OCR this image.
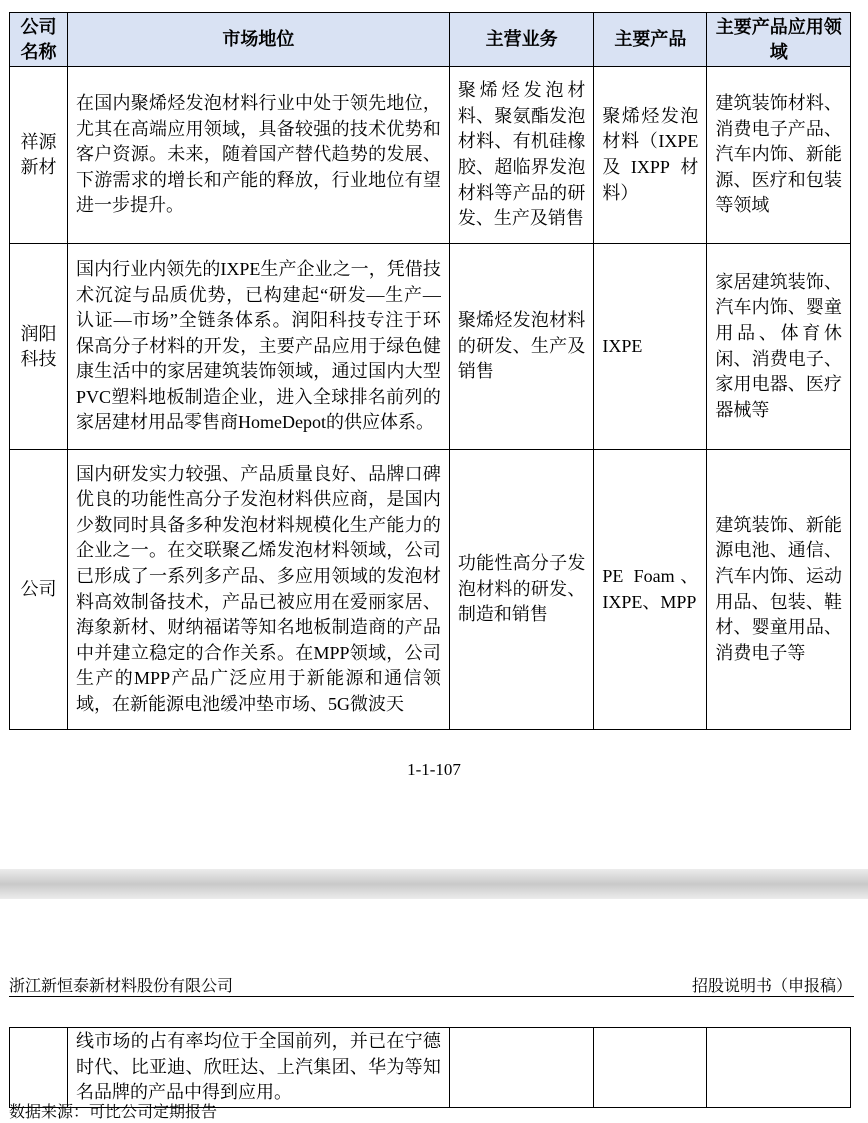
公司名称	市场地位	主营业务	主要产品	主要产品应用领域
祥源新材	在国内聚烯烃发泡材料行业中处于领先地位，尤其在高端应用领域，具备较强的技术优势和客户资源。未来，随着国产替代趋势的发展、下游需求的增长和产能的释放，行业地位有望进一步提升。	聚烯烃发泡材料、聚氨酯发泡材料、有机硅橡胶、超临界发泡材料等产品的研发、生产及销售	聚烯烃发泡材料（IXPE及IXPP材料）	建筑装饰材料、消费电子产品、汽车内饰、新能源、医疗和包装等领域
润阳科技	国内行业内领先的IXPE生产企业之一，凭借技术沉淀与品质优势，已构建起“研发—生产—认证—市场”全链条体系。润阳科技专注于环保高分子材料的开发，主要产品应用于绿色健康生活中的家居建筑装饰领域，通过国内大型PVC塑料地板制造企业，进入全球排名前列的家居建材用品零售商HomeDepot的供应体系。	聚烯烃发泡材料的研发、生产及销售	IXPE	家居建筑装饰、汽车内饰、婴童用品、体育休闲、消费电子、家用电器、医疗器械等
公司	国内研发实力较强、产品质量良好、品牌口碑优良的功能性高分子发泡材料供应商，是国内少数同时具备多种发泡材料规模化生产能力的企业之一。在交联聚乙烯发泡材料领域，公司已形成了一系列多产品、多应用领域的发泡材料高效制备技术，产品已被应用在爱丽家居、海象新材、财纳福诺等知名地板制造商的产品中并建立稳定的合作关系。在MPP领域，公司生产的MPP产品广泛应用于新能源和通信领域，在新能源电池缓冲垫市场、5G微波天	功能性高分子发泡材料的研发、制造和销售	PE Foam、IXPE、MPP	建筑装饰、新能源电池、通信、汽车内饰、运动用品、包装、鞋材、婴童用品、消费电子等
1-1-107
浙江新恒泰新材料股份有限公司	招股说明书（申报稿）
	线市场的占有率均位于全国前列，并已在宁德时代、比亚迪、欣旺达、上汽集团、华为等知名品牌的产品中得到应用。			
数据来源：可比公司定期报告
